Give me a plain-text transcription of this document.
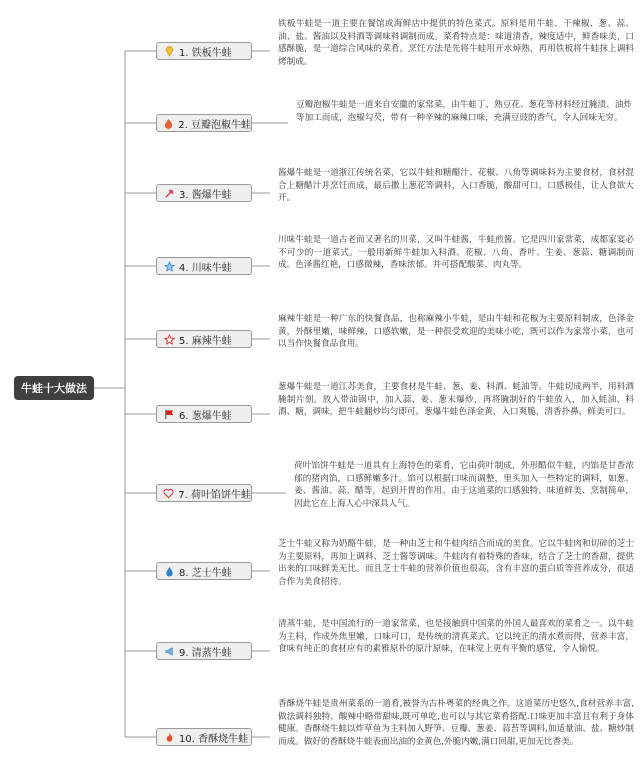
牛蛙十大做法
1. 铁板牛蛙
铁板牛蛙是一道主要在餐馆或海鲜店中提供的特色菜式。原料是用牛蛙、干辣椒、葱、蒜、油、盐、酱油以及料酒等调味料调制而成。菜肴特点是：味道清香，辣度适中，鲜香味美，口感酥脆，是一道综合风味的菜肴。烹饪方法是先将牛蛙用开水焯熟，再用铁板将牛蛙抹上调料烤制成。
2. 豆瓣泡椒牛蛙
豆瓣泡椒牛蛙是一道来自安徽的家常菜，由牛蛙丁、熟豆花、葱花等材料经过腌渍、油炸等加工而成，泡椒勾芡，带有一种辛辣的麻辣口味，充满豆豉的香气，令人回味无穷。
3. 酱爆牛蛙
酱爆牛蛙是一道浙江传统名菜，它以牛蛙和糖醋汁、花椒、八角等调味料为主要食材，食材混合上糖醋汁并烹饪而成，最后撒上葱花等调料，入口香脆，酸甜可口，口感极佳，让人食欲大开。
4. 川味牛蛙
川味牛蛙是一道古老而又著名的川菜，又叫牛蛙酱，牛蛙煎酱。它是四川家常菜，成都家宴必不可少的一道菜式。一般用新鲜牛蛙加入料酒、花椒、八角、香叶、生姜、葱蒜、糖调制而成。色泽酱红艳，口感微辣，香味浓郁。并可搭配酸菜、肉丸等。
5. 麻辣牛蛙
麻辣牛蛙是一种广东的快餐食品，也称麻辣小牛蛙，是由牛蛙和花椒为主要原料制成，色泽金黄，外酥里嫩，味鲜辣，口感软嫩，是一种很受欢迎的美味小吃，既可以作为家常小菜，也可以当作快餐食品食用。
6. 葱爆牛蛙
葱爆牛蛙是一道江苏美食，主要食材是牛蛙、葱、姜、料酒、蚝油等。牛蛙切成两半，用料酒腌制片刻，放入带油锅中，加入蒜、姜、葱末爆炒，再将腌制好的牛蛙放入，加入蚝油、料酒、糖，调味，把牛蛙翻炒均匀即可。葱爆牛蛙色泽金黄，入口爽脆，清香扑鼻，鲜美可口。
7. 荷叶馅饼牛蛙
荷叶馅饼牛蛙是一道具有上海特色的菜肴，它由荷叶制成，外形酷似牛蛙，内馅是甘香浓郁的猪肉馅，口感鲜嫩多汁。馅可以根据口味而调整，里头加入一些特定的调料，如葱、姜、酱油、蒜、醋等，起到开胃的作用。由于这道菜的口感独特、味道鲜美、烹制简单，因此它在上海人心中深具人气。
8. 芝士牛蛙
芝士牛蛙又称为奶酪牛蛙，是一种由芝士和牛蛙肉结合而成的美食。它以牛蛙肉和切碎的芝士为主要原料，再加上调料、芝士酱等调味。牛蛙肉有着特殊的香味，结合了芝士的香甜，提供出来的口味鲜美无比。而且芝士牛蛙的营养价值也很高，含有丰富的蛋白质等营养成分，很适合作为美食招待。
9. 清蒸牛蛙
清蒸牛蛙，是中国流行的一道家常菜，也是接触到中国菜的外国人最喜欢的菜肴之一。以牛蛙为主料，作成外焦里嫩，口味可口，是传统的清真菜式。它以纯正的清水煮而得，营养丰富，食味有纯正的食材应有的素雅原朴的原汁原味，在味觉上更有平衡的感觉，令人愉悦。
10. 香酥烧牛蛙
香酥烧牛蛙是贵州菜系的一道肴,被誉为古朴粤菜的经典之作。这道菜历史悠久,食材营养丰富,做法调料独特、酸辣中略带甜味,既可单吃,也可以与其它菜肴搭配.口味更加丰富且有利于身体健康。香酥烧牛蛙以炸草鱼为主料加入野笋、豆瓣、葱姜、蒜苔等调料,加适量油、盐、糖炒制而成。做好的香酥烧牛蛙表面出油的金黄色,外脆内嫩,满口回甜,更加无比香美。
